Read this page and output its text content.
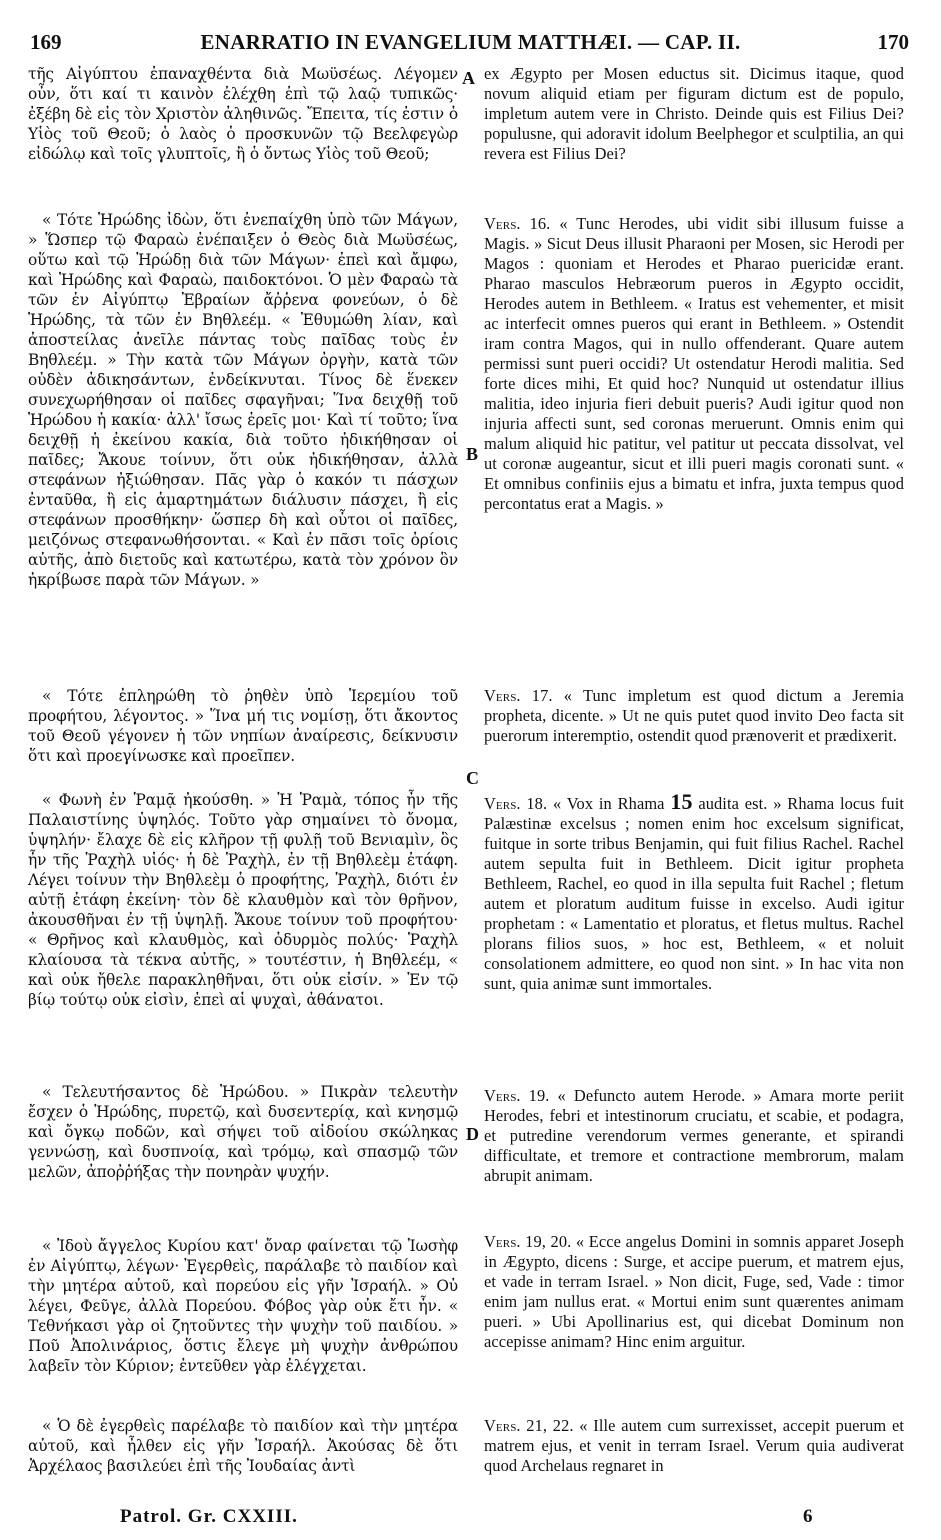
169	ENARRATIO IN EVANGELIUM MATTHÆI. — CAP. II.	170
A
B
C
D

τῆς Αἰγύπτου ἐπαναχθέντα διὰ Μωϋσέως. Λέγομεν οὖν, ὅτι καί τι καινὸν ἐλέχθη ἐπὶ τῷ λαῷ τυπικῶς· ἐξέβη δὲ εἰς τὸν Χριστὸν ἀληθινῶς. Ἔπειτα, τίς ἐστιν ὁ Υἱὸς τοῦ Θεοῦ; ὁ λαὸς ὁ προσκυνῶν τῷ Βεελφεγὼρ εἰδώλῳ καὶ τοῖς γλυπτοῖς, ἢ ὁ ὄντως Υἱὸς τοῦ Θεοῦ;

« Τότε Ἡρώδης ἰδὼν, ὅτι ἐνεπαίχθη ὑπὸ τῶν Μάγων, » Ὥσπερ τῷ Φαραὼ ἐνέπαιξεν ὁ Θεὸς διὰ Μωϋσέως, οὕτω καὶ τῷ Ἡρώδῃ διὰ τῶν Μάγων· ἐπεὶ καὶ ἄμφω, καὶ Ἡρώδης καὶ Φαραὼ, παιδοκτόνοι. Ὁ μὲν Φαραὼ τὰ τῶν ἐν Αἰγύπτῳ Ἑβραίων ἄῤῥενα φονεύων, ὁ δὲ Ἡρώδης, τὰ τῶν ἐν Βηθλεέμ. « Ἐθυμώθη λίαν, καὶ ἀποστείλας ἀνεῖλε πάντας τοὺς παῖδας τοὺς ἐν Βηθλεέμ. » Τὴν κατὰ τῶν Μάγων ὀργὴν, κατὰ τῶν οὐδὲν ἀδικησάντων, ἐνδείκνυται. Τίνος δὲ ἕνεκεν συνεχωρήθησαν οἱ παῖδες σφαγῆναι; Ἵνα δειχθῇ τοῦ Ἡρώδου ἡ κακία· ἀλλ' ἴσως ἐρεῖς μοι· Καὶ τί τοῦτο; ἵνα δειχθῇ ἡ ἐκείνου κακία, διὰ τοῦτο ἠδικήθησαν οἱ παῖδες; Ἄκουε τοίνυν, ὅτι οὐκ ἠδικήθησαν, ἀλλὰ στεφάνων ἠξιώθησαν. Πᾶς γὰρ ὁ κακόν τι πάσχων ἐνταῦθα, ἢ εἰς ἁμαρτημάτων διάλυσιν πάσχει, ἢ εἰς στεφάνων προσθήκην· ὥσπερ δὴ καὶ οὗτοι οἱ παῖδες, μειζόνως στεφανωθήσονται. « Καὶ ἐν πᾶσι τοῖς ὁρίοις αὐτῆς, ἀπὸ διετοῦς καὶ κατωτέρω, κατὰ τὸν χρόνον ὃν ἠκρίβωσε παρὰ τῶν Μάγων. »

« Τότε ἐπληρώθη τὸ ῥηθὲν ὑπὸ Ἱερεμίου τοῦ προφήτου, λέγοντος. » Ἵνα μή τις νομίσῃ, ὅτι ἄκοντος τοῦ Θεοῦ γέγονεν ἡ τῶν νηπίων ἀναίρεσις, δείκνυσιν ὅτι καὶ προεγίνωσκε καὶ προεῖπεν.

« Φωνὴ ἐν Ῥαμᾷ ἠκούσθη. » Ἡ Ῥαμὰ, τόπος ἦν τῆς Παλαιστίνης ὑψηλός. Τοῦτο γὰρ σημαίνει τὸ ὄνομα, ὑψηλήν· ἔλαχε δὲ εἰς κλῆρον τῇ φυλῇ τοῦ Βενιαμὶν, ὃς ἦν τῆς Ῥαχὴλ υἱός· ἡ δὲ Ῥαχὴλ, ἐν τῇ Βηθλεὲμ ἐτάφη. Λέγει τοίνυν τὴν Βηθλεὲμ ὁ προφήτης, Ῥαχὴλ, διότι ἐν αὐτῇ ἐτάφη ἐκείνη· τὸν δὲ κλαυθμὸν καὶ τὸν θρῆνον, ἀκουσθῆναι ἐν τῇ ὑψηλῇ. Ἄκουε τοίνυν τοῦ προφήτου· « Θρῆνος καὶ κλαυθμὸς, καὶ ὀδυρμὸς πολύς· Ῥαχὴλ κλαίουσα τὰ τέκνα αὐτῆς, » τουτέστιν, ἡ Βηθλεέμ, « καὶ οὐκ ἤθελε παρακληθῆναι, ὅτι οὐκ εἰσίν. » Ἐν τῷ βίῳ τούτῳ οὐκ εἰσὶν, ἐπεὶ αἱ ψυχαὶ, ἀθάνατοι.

« Τελευτήσαντος δὲ Ἡρώδου. » Πικρὰν τελευτὴν ἔσχεν ὁ Ἡρώδης, πυρετῷ, καὶ δυσεντερίᾳ, καὶ κνησμῷ καὶ ὄγκῳ ποδῶν, καὶ σήψει τοῦ αἰδοίου σκώληκας γεννώσῃ, καὶ δυσπνοίᾳ, καὶ τρόμῳ, καὶ σπασμῷ τῶν μελῶν, ἀποῤῥήξας τὴν πονηρὰν ψυχήν.

« Ἰδοὺ ἄγγελος Κυρίου κατ' ὄναρ φαίνεται τῷ Ἰωσὴφ ἐν Αἰγύπτῳ, λέγων· Ἐγερθεὶς, παράλαβε τὸ παιδίον καὶ τὴν μητέρα αὐτοῦ, καὶ πορεύου εἰς γῆν Ἰσραήλ. » Οὐ λέγει, Φεῦγε, ἀλλὰ Πορεύου. Φόβος γὰρ οὐκ ἔτι ἦν. « Τεθνήκασι γὰρ οἱ ζητοῦντες τὴν ψυχὴν τοῦ παιδίου. » Ποῦ Ἀπολινάριος, ὅστις ἔλεγε μὴ ψυχὴν ἀνθρώπου λαβεῖν τὸν Κύριον; ἐντεῦθεν γὰρ ἐλέγχεται.

« Ὁ δὲ ἐγερθεὶς παρέλαβε τὸ παιδίον καὶ τὴν μητέρα αὐτοῦ, καὶ ἦλθεν εἰς γῆν Ἰσραήλ. Ἀκούσας δὲ ὅτι Ἀρχέλαος βασιλεύει ἐπὶ τῆς Ἰουδαίας ἀντὶ

ex Ægypto per Mosen eductus sit. Dicimus itaque, quod novum aliquid etiam per figuram dictum est de populo, impletum autem vere in Christo. Deinde quis est Filius Dei? populusne, qui adoravit idolum Beelphegor et sculptilia, an qui revera est Filius Dei?

Vers. 16. « Tunc Herodes, ubi vidit sibi illusum fuisse a Magis. » Sicut Deus illusit Pharaoni per Mosen, sic Herodi per Magos : quoniam et Herodes et Pharao puericidæ erant. Pharao masculos Hebræorum pueros in Ægypto occidit, Herodes autem in Bethleem. « Iratus est vehementer, et misit ac interfecit omnes pueros qui erant in Bethleem. » Ostendit iram contra Magos, qui in nullo offenderant. Quare autem permissi sunt pueri occidi? Ut ostendatur Herodi malitia. Sed forte dices mihi, Et quid hoc? Nunquid ut ostendatur illius malitia, ideo injuria fieri debuit pueris? Audi igitur quod non injuria affecti sunt, sed coronas meruerunt. Omnis enim qui malum aliquid hic patitur, vel patitur ut peccata dissolvat, vel ut coronæ augeantur, sicut et illi pueri magis coronati sunt. « Et omnibus confiniis ejus a bimatu et infra, juxta tempus quod percontatus erat a Magis. »

Vers. 17. « Tunc impletum est quod dictum a Jeremia propheta, dicente. » Ut ne quis putet quod invito Deo facta sit puerorum interemptio, ostendit quod prænoverit et prædixerit.

Vers. 18. « Vox in Rhama 15 audita est. » Rhama locus fuit Palæstinæ excelsus ; nomen enim hoc excelsum significat, fuitque in sorte tribus Benjamin, qui fuit filius Rachel. Rachel autem sepulta fuit in Bethleem. Dicit igitur propheta Bethleem, Rachel, eo quod in illa sepulta fuit Rachel ; fletum autem et ploratum auditum fuisse in excelso. Audi igitur prophetam : « Lamentatio et ploratus, et fletus multus. Rachel plorans filios suos, » hoc est, Bethleem, « et noluit consolationem admittere, eo quod non sint. » In hac vita non sunt, quia animæ sunt immortales.

Vers. 19. « Defuncto autem Herode. » Amara morte periit Herodes, febri et intestinorum cruciatu, et scabie, et podagra, et putredine verendorum vermes generante, et spirandi difficultate, et tremore et contractione membrorum, malam abrupit animam.

Vers. 19, 20. « Ecce angelus Domini in somnis apparet Joseph in Ægypto, dicens : Surge, et accipe puerum, et matrem ejus, et vade in terram Israel. » Non dicit, Fuge, sed, Vade : timor enim jam nullus erat. « Mortui enim sunt quærentes animam pueri. » Ubi Apollinarius est, qui dicebat Dominum non accepisse animam? Hinc enim arguitur.

Vers. 21, 22. « Ille autem cum surrexisset, accepit puerum et matrem ejus, et venit in terram Israel. Verum quia audiverat quod Archelaus regnaret in

Patrol. Gr. CXXIII.	6
